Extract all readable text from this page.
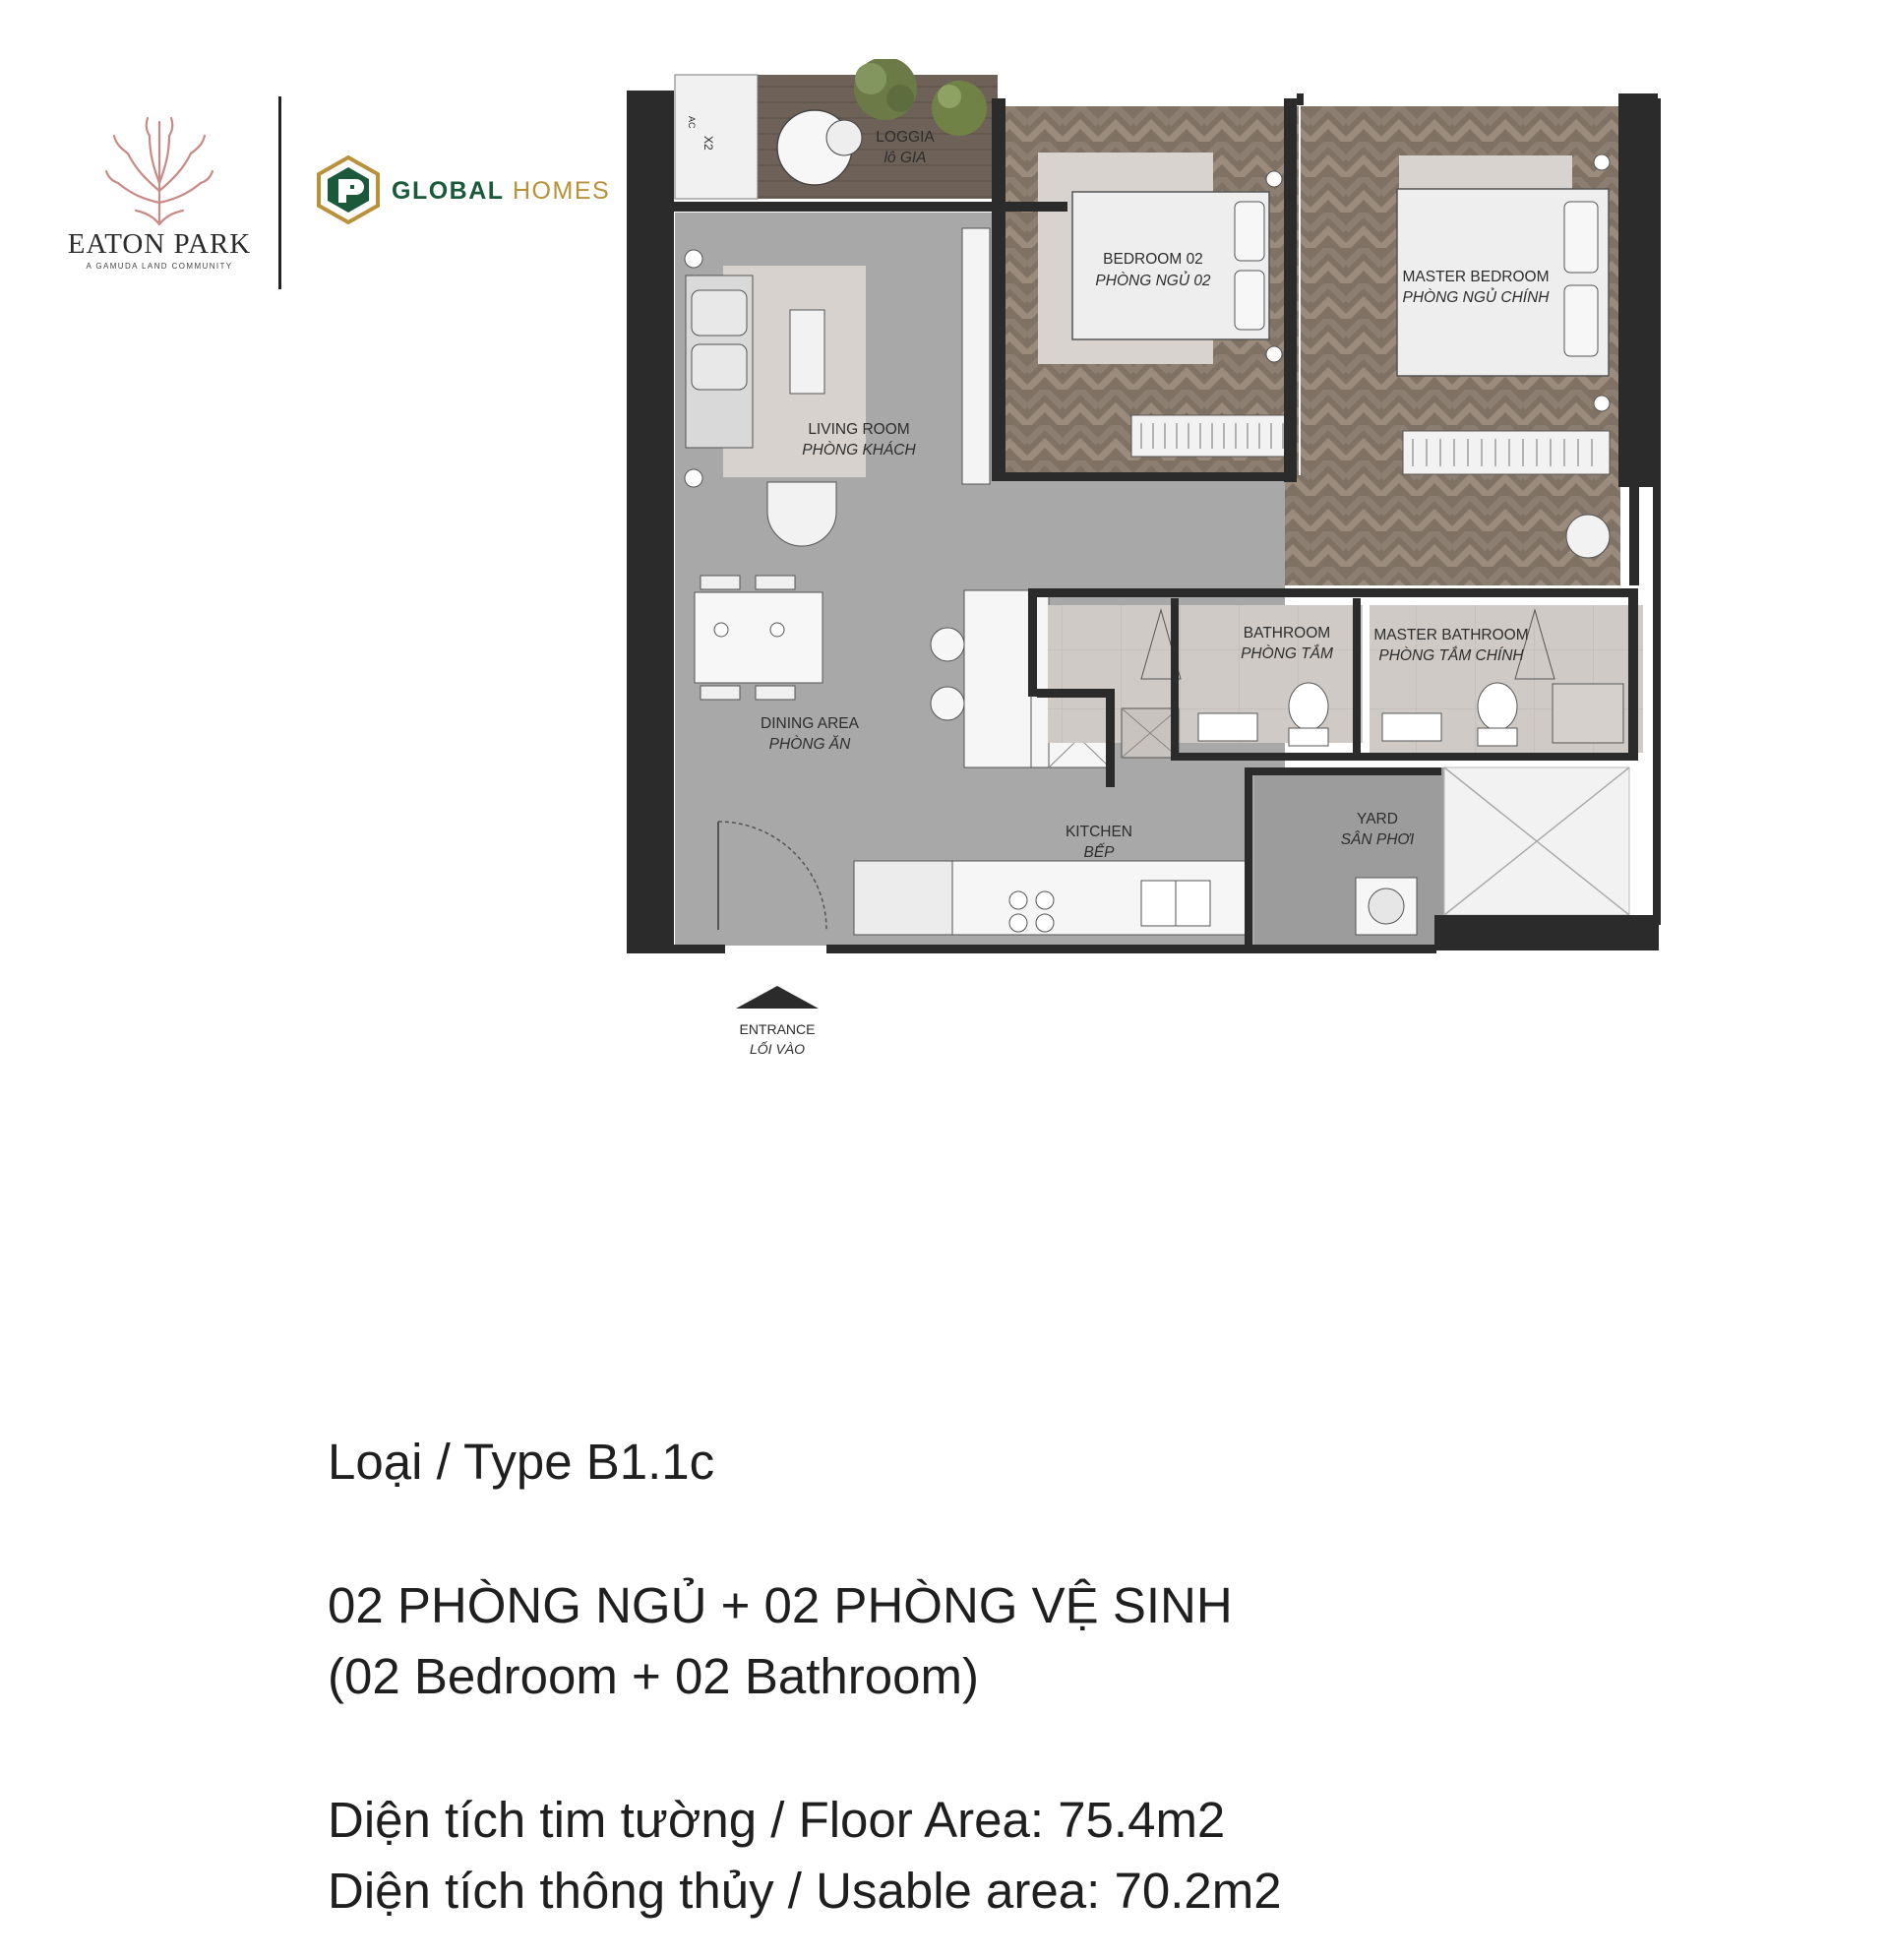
EATON PARK
A GAMUDA LAND COMMUNITY
GLOBAL HOMES
ENTRANCE
LỐI VÀO
AC
X2	LOGGIA
lô GIA
LIVING ROOM
PHÒNG KHÁCH
BEDROOM 02
PHÒNG NGỦ 02	MASTER BEDROOM
PHÒNG NGỦ CHÍNH
DINING AREA
PHÒNG ĂN
BATHROOM
PHÒNG TẮM
MASTER BATHROOM
PHÒNG TẮM CHÍNH
KITCHEN
BẾP
YARD
SÂN PHƠI
Loại / Type B1.1c
02 PHÒNG NGỦ + 02 PHÒNG VỆ SINH
(02 Bedroom + 02 Bathroom)
Diện tích tim tường / Floor Area: 75.4m2
Diện tích thông thủy / Usable area: 70.2m2
